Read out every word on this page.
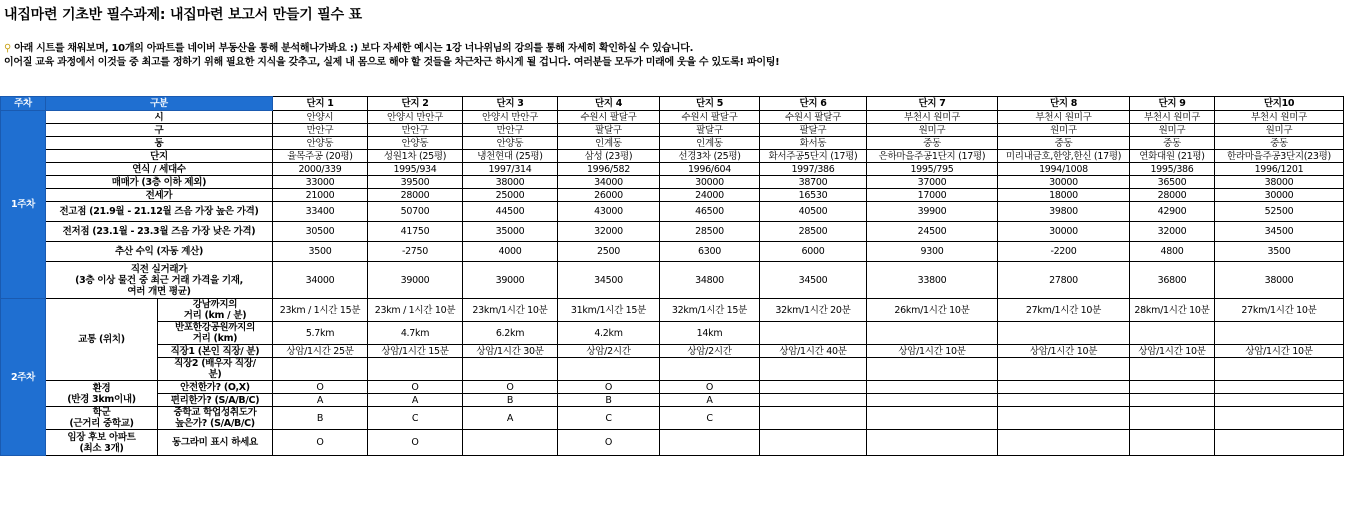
내집마련 기초반 필수과제: 내집마련 보고서 만들기 필수 표
⚲ 아래 시트를 채워보며, 10개의 아파트를 네이버 부동산을 통해 분석해나가봐요 :) 보다 자세한 예시는 1강 너나위님의 강의를 통해 자세히 확인하실 수 있습니다.
이어질 교육 과정에서 이것들 중 최고를 정하기 위해 필요한 지식을 갖추고, 실제 내 몸으로 해야 할 것들을 차근차근 하시게 될 겁니다. 여러분들 모두가 미래에 웃을 수 있도록! 파이팅!
주차	구분		단지 1	단지 2	단지 3	단지 4	단지 5	단지 6	단지 7	단지 8	단지 9	단지10
1주차	시		안양시	안양시 만안구	안양시 만안구	수원시 팔달구	수원시 팔달구	수원시 팔달구	부천시 원미구	부천시 원미구	부천시 원미구	부천시 원미구
	구		만안구	만안구	만안구	팔달구	팔달구	팔달구	원미구	원미구	원미구	원미구
	동		안양동	안양동	안양동	인계동	인계동	화서동	중동	중동	중동	중동
	단지		율목주공 (20평)	성원1차 (25평)	냉천현대 (25평)	삼성 (23평)	선경3차 (25평)	화서주공5단지 (17평)	은하마을주공1단지 (17평)	미리내금호,한양,한신 (17평)	연화대원 (21평)	한라마을주공3단지(23평)
	연식 / 세대수		2000/339	1995/934	1997/314	1996/582	1996/604	1997/386	1995/795	1994/1008	1995/386	1996/1201
	매매가 (3층 이하 제외)		33000	39500	38000	34000	30000	38700	37000	30000	36500	38000
	전세가		21000	28000	25000	26000	24000	16530	17000	18000	28000	30000
	전고점 (21.9월 - 21.12월 즈음 가장 높은 가격)		33400	50700	44500	43000	46500	40500	39900	39800	42900	52500
	전저점 (23.1월 - 23.3월 즈음 가장 낮은 가격)		30500	41750	35000	32000	28500	28500	24500	30000	32000	34500
	추산 수익 (자동 계산)		3500	-2750	4000	2500	6300	6000	9300	-2200	4800	3500
	직전 실거래가
(3층 이상 물건 중 최근 거래 가격을 기재,
여러 개면 평균)		34000	39000	39000	34500	34800	34500	33800	27800	36800	38000
2주차	교통 (위치)	강남까지의
거리 (km / 분)	23km / 1시간 15분	23km / 1시간 10분	23km/1시간 10분	31km/1시간 15분	32km/1시간 15분	32km/1시간 20분	26km/1시간 10분	27km/1시간 10분	28km/1시간 10분	27km/1시간 10분
		반포한강공원까지의
거리 (km)	5.7km	4.7km	6.2km	4.2km	14km					
		직장1 (본인 직장/ 분)	상암/1시간 25분	상암/1시간 15분	상암/1시간 30분	상암/2시간	상암/2시간	상암/1시간 40분	상암/1시간 10분	상암/1시간 10분	상암/1시간 10분	상암/1시간 10분
		직장2 (배우자 직장/
분)										
	환경
(반경 3km이내)	안전한가? (O,X)	O	O	O	O	O					
		편리한가? (S/A/B/C)	A	A	B	B	A					
	학군
(근거리 중학교)	중학교 학업성취도가
높은가? (S/A/B/C)	B	C	A	C	C					
	임장 후보 아파트
(최소 3개)	동그라미 표시 하세요	O	O		O						
